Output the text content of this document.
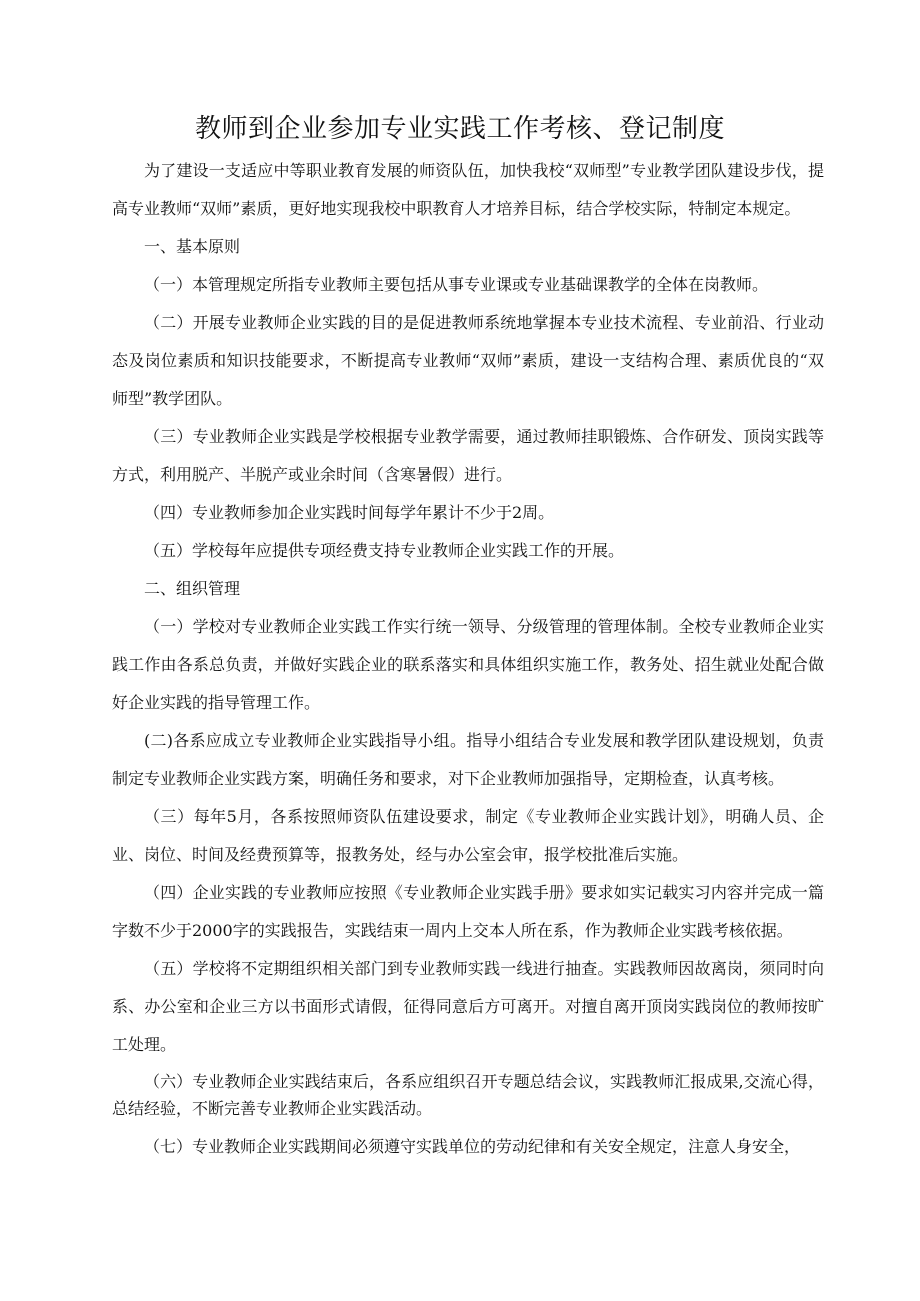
教师到企业参加专业实践工作考核、登记制度

为了建设一支适应中等职业教育发展的师资队伍，加快我校“双师型”专业教学团队建设步伐，提高专业教师“双师”素质，更好地实现我校中职教育人才培养目标，结合学校实际，特制定本规定。

一、基本原则

（一）本管理规定所指专业教师主要包括从事专业课或专业基础课教学的全体在岗教师。

（二）开展专业教师企业实践的目的是促进教师系统地掌握本专业技术流程、专业前沿、行业动态及岗位素质和知识技能要求，不断提高专业教师“双师”素质，建设一支结构合理、素质优良的“双师型”教学团队。

（三）专业教师企业实践是学校根据专业教学需要，通过教师挂职锻炼、合作研发、顶岗实践等方式，利用脱产、半脱产或业余时间（含寒暑假）进行。

（四）专业教师参加企业实践时间每学年累计不少于2周。

（五）学校每年应提供专项经费支持专业教师企业实践工作的开展。

二、组织管理

（一）学校对专业教师企业实践工作实行统一领导、分级管理的管理体制。全校专业教师企业实践工作由各系总负责，并做好实践企业的联系落实和具体组织实施工作，教务处、招生就业处配合做好企业实践的指导管理工作。

(二)各系应成立专业教师企业实践指导小组。指导小组结合专业发展和教学团队建设规划，负责制定专业教师企业实践方案，明确任务和要求，对下企业教师加强指导，定期检查，认真考核。

（三）每年5月，各系按照师资队伍建设要求，制定《专业教师企业实践计划》，明确人员、企业、岗位、时间及经费预算等，报教务处，经与办公室会审，报学校批准后实施。

（四）企业实践的专业教师应按照《专业教师企业实践手册》要求如实记载实习内容并完成一篇字数不少于2000字的实践报告，实践结束一周内上交本人所在系，作为教师企业实践考核依据。

（五）学校将不定期组织相关部门到专业教师实践一线进行抽查。实践教师因故离岗，须同时向系、办公室和企业三方以书面形式请假，征得同意后方可离开。对擅自离开顶岗实践岗位的教师按旷工处理。

（六）专业教师企业实践结束后，各系应组织召开专题总结会议，实践教师汇报成果,交流心得，总结经验，不断完善专业教师企业实践活动。

（七）专业教师企业实践期间必须遵守实践单位的劳动纪律和有关安全规定，注意人身安全，
